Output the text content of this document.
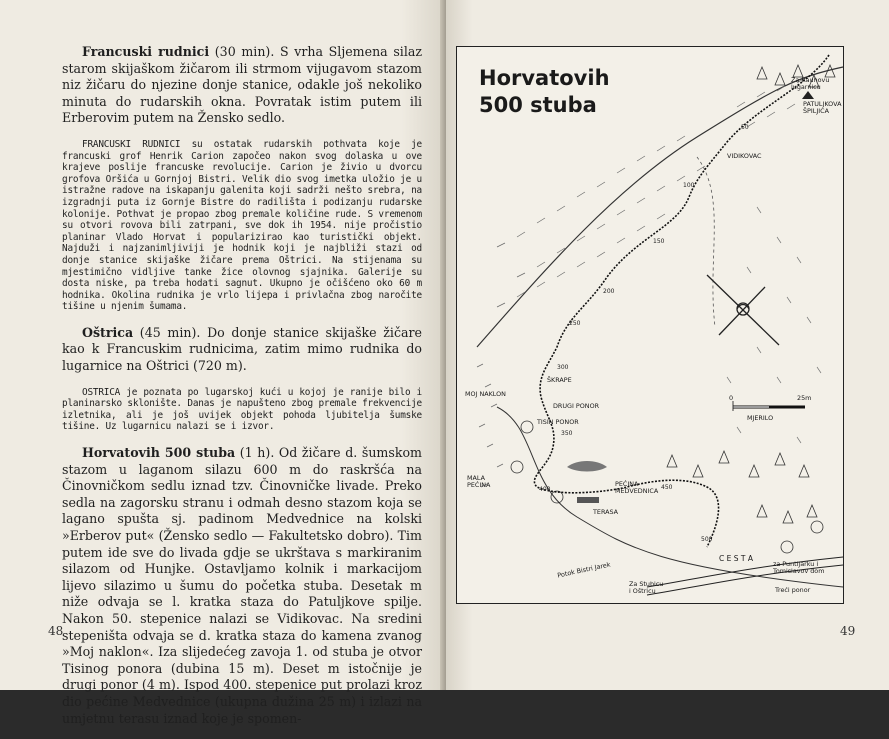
Francuski rudnici (30 min). S vrha Sljemena silaz starom skijaškom žičarom ili strmom vijugavom stazom niz žičaru do njezine donje stanice, odakle još nekoliko minuta do rudarskih okna. Povratak istim putem ili Erberovim putem na Žensko sedlo.

FRANCUSKI RUDNICI su ostatak rudarskih pothvata koje je francuski grof Henrik Carion započeo nakon svog dolaska u ove krajeve poslije francuske revolucije. Carion je živio u dvorcu grofova Oršića u Gornjoj Bistri. Velik dio svog imetka uložio je u istražne radove na iskapanju galenita koji sadrži nešto srebra, na izgradnji puta iz Gornje Bistre do radilišta i podizanju rudarske kolonije. Pothvat je propao zbog premale količine rude. S vremenom su otvori rovova bili zatrpani, sve dok ih 1954. nije pročistio planinar Vlado Horvat i popularizirao kao turistički objekt. Najduži i najzanimljiviji je hodnik koji je najbliži stazi od donje stanice skijaške žičare prema Oštrici. Na stijenama su mjestimično vidljive tanke žice olovnog sjajnika. Galerije su dosta niske, pa treba hodati sagnut. Ukupno je očišćeno oko 60 m hodnika. Okolina rudnika je vrlo lijepa i privlačna zbog naročite tišine u njenim šumama.

Oštrica (45 min). Do donje stanice skijaške žičare kao k Francuskim rudnicima, zatim mimo rudnika do lugarnice na Oštrici (720 m).

OSTRICA je poznata po lugarskoj kući u kojoj je ranije bilo i planinarsko sklonište. Danas je napušteno zbog premale frekvencije izletnika, ali je još uvijek objekt pohoda ljubitelja šumske tišine. Uz lugarnicu nalazi se i izvor.

Horvatovih 500 stuba (1 h). Od žičare d. šumskom stazom u laganom silazu 600 m do raskršća na Činovničkom sedlu iznad tzv. Činovničke livade. Preko sedla na zagorsku stranu i odmah desno stazom koja se lagano spušta sj. padinom Medvednice na kolski »Erberov put« (Žensko sedlo — Fakultetsko dobro). Tim putem ide sve do livada gdje se ukrštava s markiranim silazom od Hunjke. Ostavljamo kolnik i markacijom lijevo silazimo u šumu do početka stuba. Desetak m niže odvaja se l. kratka staza do Patuljkove spilje. Nakon 50. stepenice nalazi se Vidikovac. Na sredini stepeništa odvaja se d. kratka staza do kamena zvanog »Moj naklon«. Iza slijedećeg zavoja 1. od stuba je otvor Tisinog ponora (dubina 15 m). Deset m istočnije je drugi ponor (4 m). Ispod 400. stepenice put prolazi kroz dio pećine Medvednice (ukupna dužina 25 m) i izlazi na umjetnu terasu iznad koje je spomen-

48	49
Horvatovih
500 stuba
50
100
150
200
250
300
350
400	450
500
Za Rauhovu
lugarnicu
PATULJKOVA
ŠPILJICA
VIDIKOVAC
ŠKRAPE
MOJ NAKLON
DRUGI PONOR
TISIN PONOR
MALA
PEĆINA	PEĆINA
MEDVEDNICA
TERASA
Potok Bistri Jarek
C E S T A
Za Stubicu
i Oštricu
za Puntijarku i
Tomislavov dom
Treći ponor
MJERILO
0	25m
